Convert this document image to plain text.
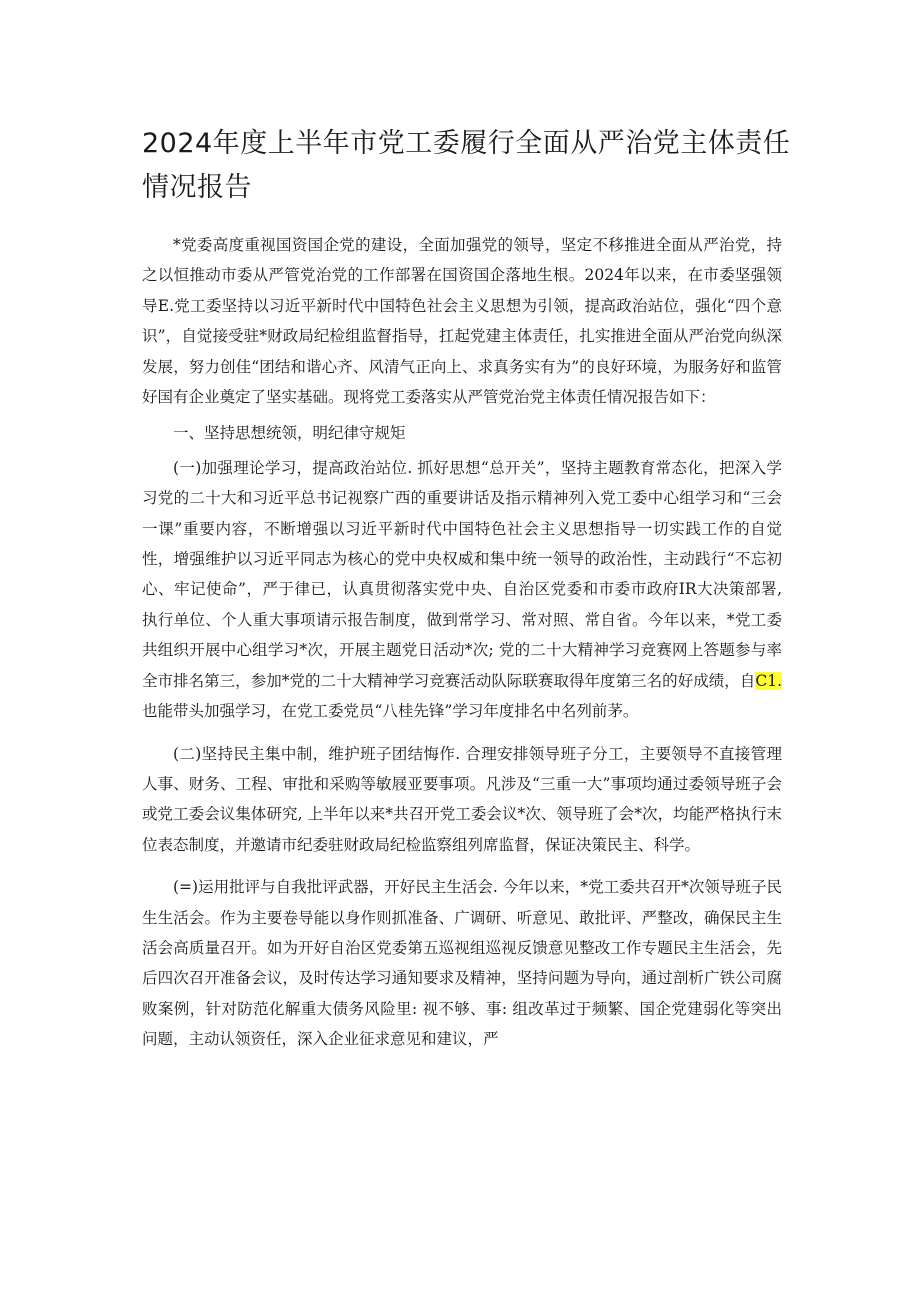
2024年度上半年市党工委履行全面从严治党主体责任
情况报告

*党委高度重视国资国企党的建设，全面加强党的领导，坚定不移推进全面从严治党，持之以恒推动市委从严管党治党的工作部署在国资国企落地生根。2024年以来，在市委坚强领导E.党工委坚持以习近平新时代中国特色社会主义思想为引领，提高政治站位，强化“四个意识”，自觉接受驻*财政局纪检组监督指导，扛起党建主体责任，扎实推进全面从严治党向纵深发展，努力创佳“团结和谐心齐、风清气正向上、求真务实有为”的良好环境，为服务好和监管好国有企业奠定了坚实基础。现将党工委落实从严管党治党主体责任情况报告如下：

一、坚持思想统领，明纪律守规矩

(一)加强理论学习，提高政治站位. 抓好思想“总开关”，坚持主题教育常态化，把深入学习党的二十大和习近平总书记视察广西的重要讲话及指示精神列入党工委中心组学习和“三会一课”重要内容，不断增强以习近平新时代中国特色社会主义思想指导一切实践工作的自觉性，增强维护以习近平同志为核心的党中央权威和集中统一领导的政治性，主动践行“不忘初心、牢记使命”，严于律已，认真贯彻落实党中央、自治区党委和市委市政府IR大决策部署, 执行单位、个人重大事项请示报告制度，做到常学习、常对照、常自省。今年以来，*党工委共组织开展中心组学习*次，开展主题党日活动*次; 党的二十大精神学习竞赛网上答题参与率全市排名第三，参加*党的二十大精神学习竞赛活动队际联赛取得年度第三名的好成绩，自C1.也能带头加强学习，在党工委党员“八桂先锋”学习年度排名中名列前茅。

(二)坚持民主集中制，维护班子团结悔作. 合理安排领导班子分工，主要领导不直接管理人事、财务、工程、审批和采购等敏屐亚要事项。凡涉及“三重一大”事项均通过委领导班子会或党工委会议集体研究, 上半年以来*共召开党工委会议*次、领导班了会*次，均能严格执行末位表态制度，并邀请市纪委驻财政局纪检监察组列席监督，保证决策民主、科学。

(=)运用批评与自我批评武器，开好民主生活会. 今年以来，*党工委共召开*次领导班子民生生活会。作为主要卷导能以身作则抓准备、广调研、听意见、敢批评、严整改，确保民主生活会高质量召开。如为开好自治区党委第五巡视组巡视反馈意见整改工作专题民主生活会，先后四次召开准备会议，及时传达学习通知要求及精神，坚持问题为导向，通过剖析广铁公司腐败案例，针对防范化解重大债务风险里: 视不够、事: 组改革过于频繁、国企党建弱化等突出问题，主动认领资任，深入企业征求意见和建议，严
